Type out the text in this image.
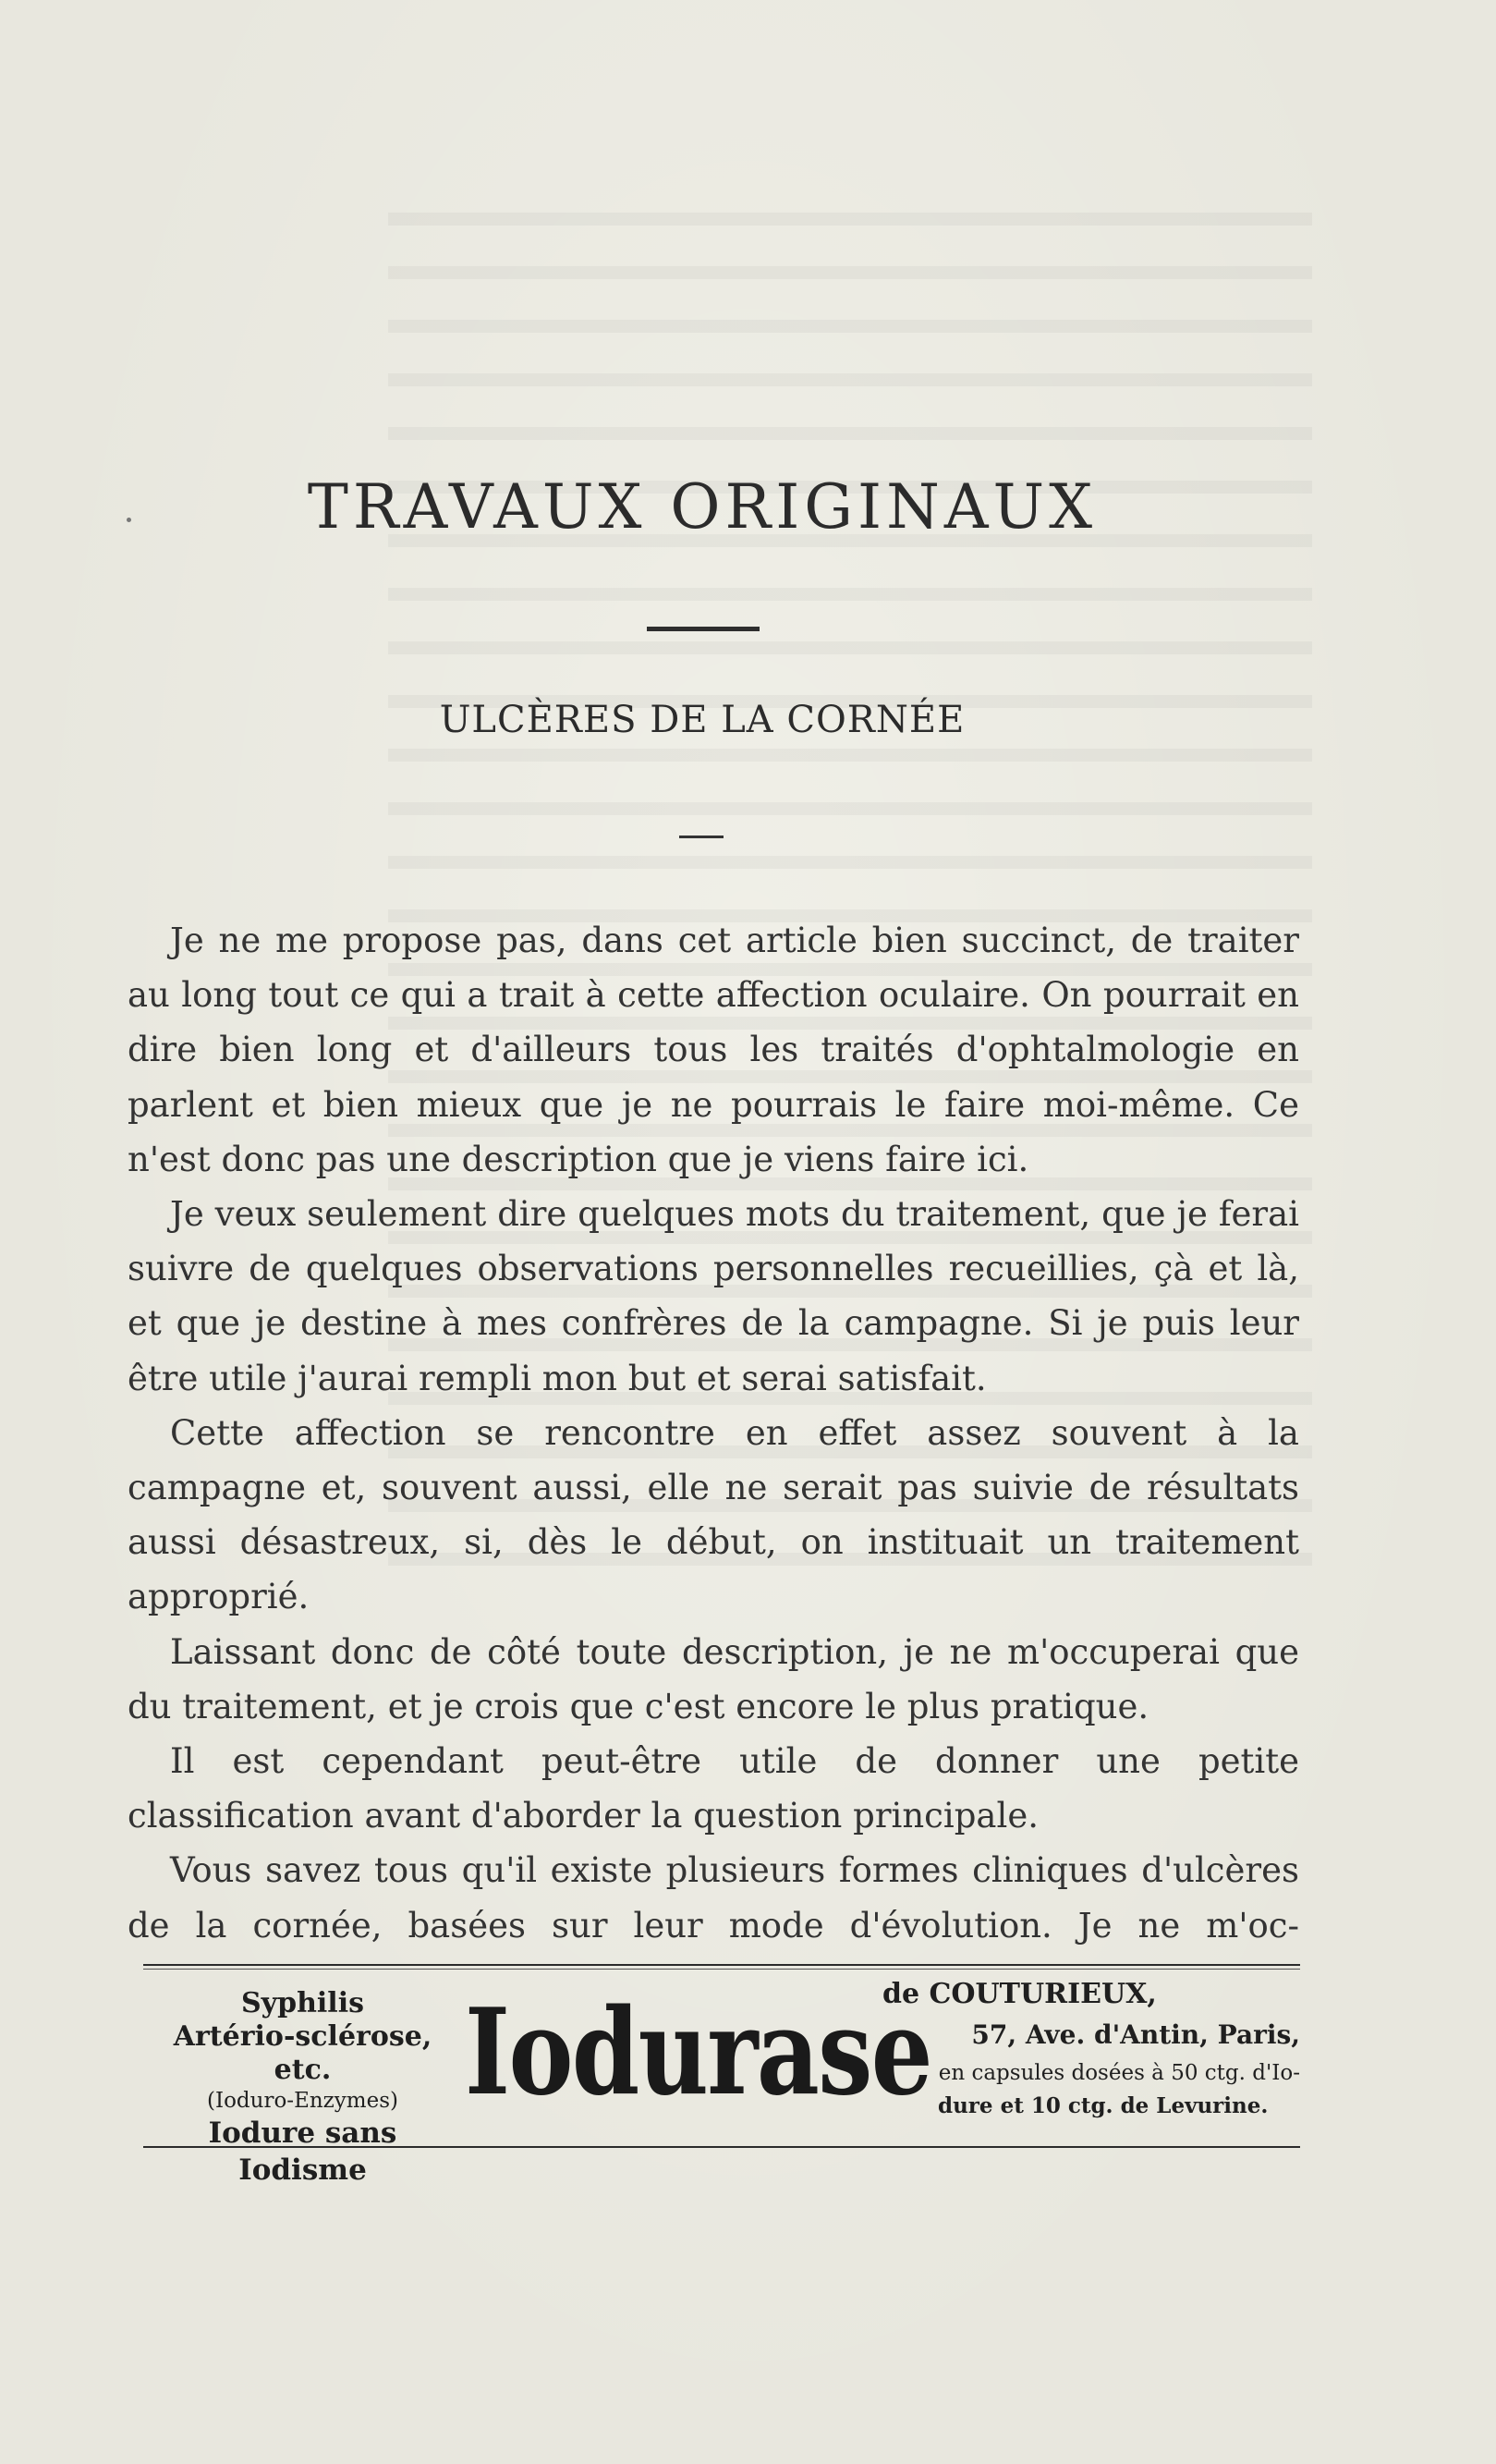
TRAVAUX ORIGINAUX
ULCÈRES DE LA CORNÉE

Je ne me propose pas, dans cet article bien succinct, de traiter au long tout ce qui a trait à cette affection oculaire. On pourrait en dire bien long et d'ailleurs tous les traités d'ophtalmologie en parlent et bien mieux que je ne pourrais le faire moi-même. Ce n'est donc pas une description que je viens faire ici.

Je veux seulement dire quelques mots du traitement, que je ferai suivre de quelques observations personnelles recueillies, çà et là, et que je destine à mes confrères de la campagne. Si je puis leur être utile j'aurai rempli mon but et serai satisfait.

Cette affection se rencontre en effet assez souvent à la campagne et, souvent aussi, elle ne serait pas suivie de résultats aussi désastreux, si, dès le début, on instituait un traitement approprié.

Laissant donc de côté toute description, je ne m'occuperai que du traitement, et je crois que c'est encore le plus pratique.

Il est cependant peut-être utile de donner une petite classification avant d'aborder la question principale.

Vous savez tous qu'il existe plusieurs formes cliniques d'ulcères de la cornée, basées sur leur mode d'évolution. Je ne m'oc-

Syphilis
Artério-sclérose, etc.
(Ioduro-Enzymes)
Iodure sans Iodisme
Iodurase
de COUTURIEUX,
57, Ave. d'Antin, Paris,
en capsules dosées à 50 ctg. d'Io-
dure et 10 ctg. de Levurine.
